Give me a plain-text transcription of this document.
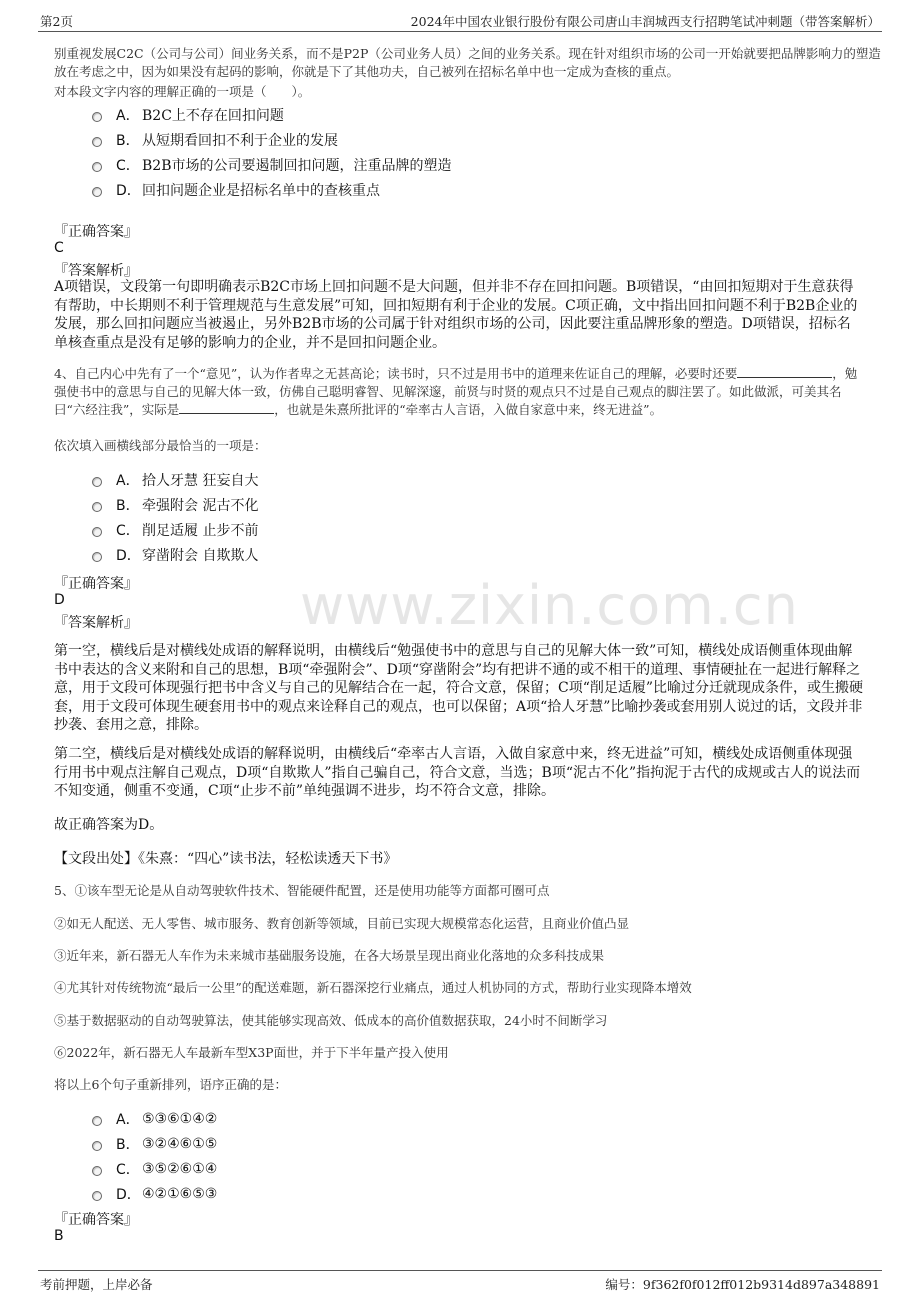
第2页	2024年中国农业银行股份有限公司唐山丰润城西支行招聘笔试冲刺题（带答案解析）
www.zixin.com.cn
别重视发展C2C（公司与公司）间业务关系，而不是P2P（公司业务人员）之间的业务关系。现在针对组织市场的公司一开始就要把品牌影响力的塑造放在考虑之中，因为如果没有起码的影响，你就是下了其他功夫，自己被列在招标名单中也一定成为查核的重点。
对本段文字内容的理解正确的一项是（　　）。
A． B2C上不存在回扣问题
B． 从短期看回扣不利于企业的发展
C． B2B市场的公司要遏制回扣问题，注重品牌的塑造
D． 回扣问题企业是招标名单中的查核重点
『正确答案』
C
『答案解析』
A项错误，文段第一句即明确表示B2C市场上回扣问题不是大问题，但并非不存在回扣问题。B项错误，“由回扣短期对于生意获得有帮助，中长期则不利于管理规范与生意发展”可知，回扣短期有利于企业的发展。C项正确，文中指出回扣问题不利于B2B企业的发展，那么回扣问题应当被遏止，另外B2B市场的公司属于针对组织市场的公司，因此要注重品牌形象的塑造。D项错误，招标名单核查重点是没有足够的影响力的企业，并不是回扣问题企业。
4、自己内心中先有了一个“意见”，认为作者卑之无甚高论；读书时，只不过是用书中的道理来佐证自己的理解，必要时还要	，勉强使书中的意思与自己的见解大体一致，仿佛自己聪明睿智、见解深邃，前贤与时贤的观点只不过是自己观点的脚注罢了。如此做派，可美其名曰“六经注我”，实际是	，也就是朱熹所批评的“牵率古人言语，入做自家意中来，终无进益”。
依次填入画横线部分最恰当的一项是：
A． 拾人牙慧 狂妄自大
B． 牵强附会 泥古不化
C． 削足适履 止步不前
D． 穿凿附会 自欺欺人
『正确答案』
D
『答案解析』
第一空，横线后是对横线处成语的解释说明，由横线后“勉强使书中的意思与自己的见解大体一致”可知，横线处成语侧重体现曲解书中表达的含义来附和自己的思想，B项“牵强附会”、D项“穿凿附会”均有把讲不通的或不相干的道理、事情硬扯在一起进行解释之意，用于文段可体现强行把书中含义与自己的见解结合在一起，符合文意，保留；C项“削足适履”比喻过分迁就现成条件，或生搬硬套，用于文段可体现生硬套用书中的观点来诠释自己的观点，也可以保留；A项“拾人牙慧”比喻抄袭或套用别人说过的话，文段并非抄袭、套用之意，排除。
第二空，横线后是对横线处成语的解释说明，由横线后“牵率古人言语，入做自家意中来，终无进益”可知，横线处成语侧重体现强行用书中观点注解自己观点，D项“自欺欺人”指自己骗自己，符合文意，当选；B项“泥古不化”指拘泥于古代的成规或古人的说法而不知变通，侧重不变通，C项“止步不前”单纯强调不进步，均不符合文意，排除。
故正确答案为D。
【文段出处】《朱熹：“四心”读书法，轻松读透天下书》
5、①该车型无论是从自动驾驶软件技术、智能硬件配置，还是使用功能等方面都可圈可点
②如无人配送、无人零售、城市服务、教育创新等领域，目前已实现大规模常态化运营，且商业价值凸显
③近年来，新石器无人车作为未来城市基础服务设施，在各大场景呈现出商业化落地的众多科技成果
④尤其针对传统物流“最后一公里”的配送难题，新石器深挖行业痛点，通过人机协同的方式，帮助行业实现降本增效
⑤基于数据驱动的自动驾驶算法，使其能够实现高效、低成本的高价值数据获取，24小时不间断学习
⑥2022年，新石器无人车最新车型X3P面世，并于下半年量产投入使用
将以上6个句子重新排列，语序正确的是：
A． ⑤③⑥①④②
B． ③②④⑥①⑤
C． ③⑤②⑥①④
D． ④②①⑥⑤③
『正确答案』
B
考前押题，上岸必备	编号：9f362f0f012ff012b9314d897a348891
